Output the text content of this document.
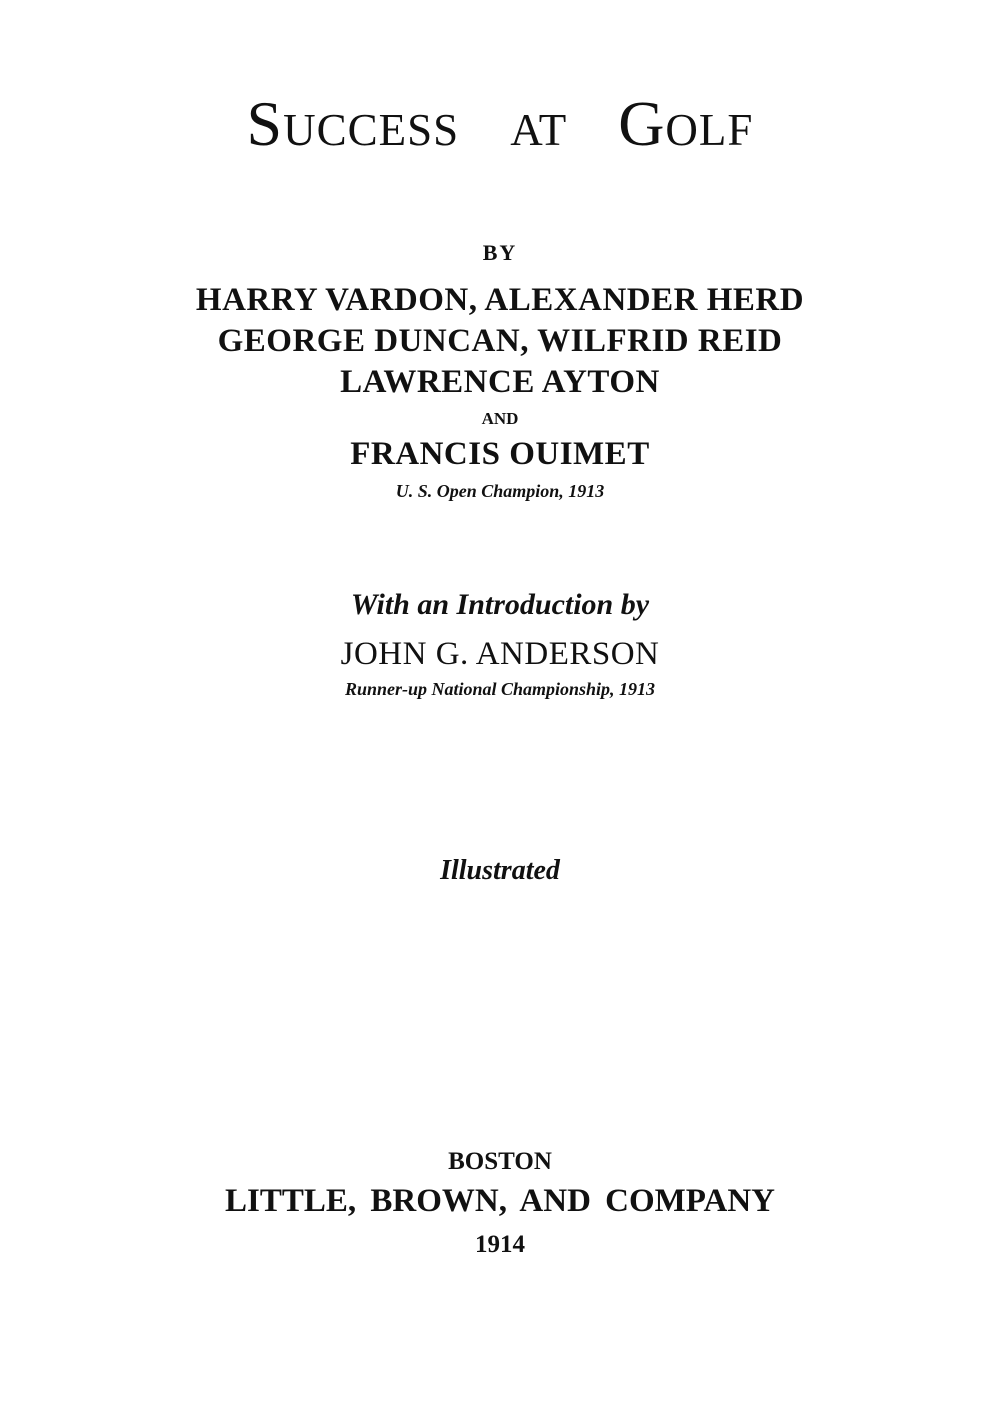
Success at Golf
BY
HARRY VARDON, ALEXANDER HERD
GEORGE DUNCAN, WILFRID REID
LAWRENCE AYTON
AND
FRANCIS OUIMET
U. S. Open Champion, 1913
With an Introduction by
JOHN G. ANDERSON
Runner-up National Championship, 1913
Illustrated
BOSTON
LITTLE, BROWN, AND COMPANY
1914
